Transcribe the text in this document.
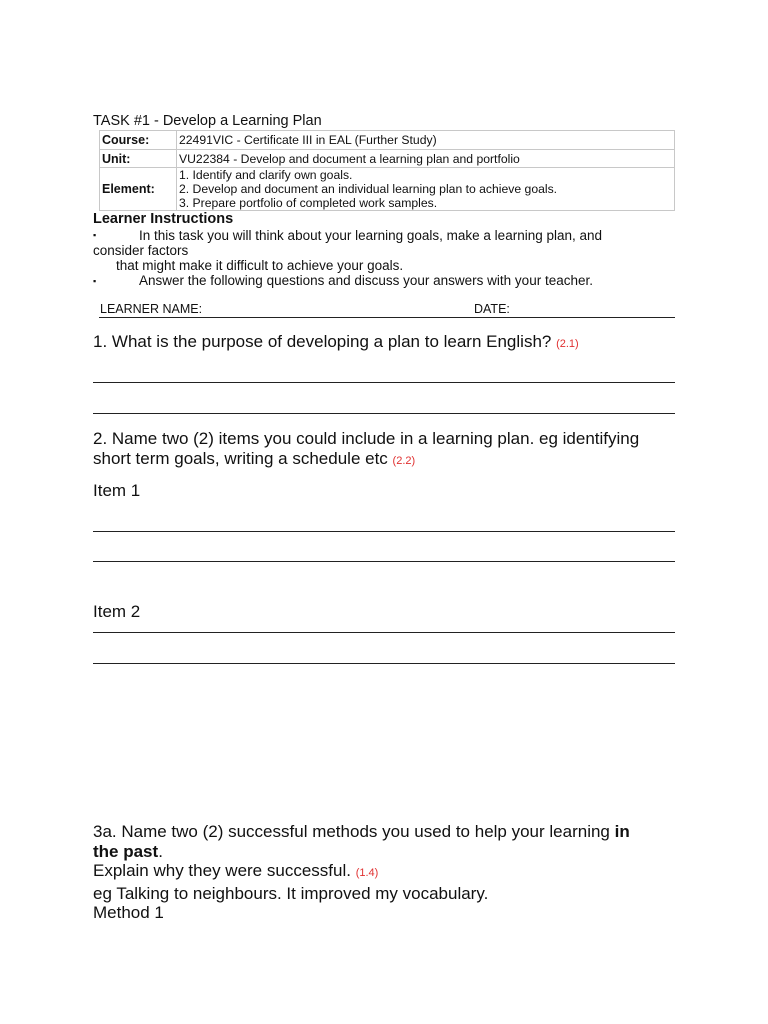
TASK #1 - Develop a Learning Plan
Course:	22491VIC - Certificate III in EAL (Further Study)
Unit:	VU22384 - Develop and document a learning plan and portfolio
Element:	1. Identify and clarify own goals.
2. Develop and document an individual learning plan to achieve goals.
3. Prepare portfolio of completed work samples.
Learner Instructions
▪	In this task you will think about your learning goals, make a learning plan, and
consider factors
that might make it difficult to achieve your goals.
▪	Answer the following questions and discuss your answers with your teacher.
LEARNER NAME:	DATE:
1. What is the purpose of developing a plan to learn English? (2.1)
2. Name two (2) items you could include in a learning plan. eg identifying
short term goals, writing a schedule etc (2.2)
Item 1
Item 2
3a. Name two (2) successful methods you used to help your learning in
the past.
Explain why they were successful. (1.4)
eg Talking to neighbours. It improved my vocabulary.
Method 1
